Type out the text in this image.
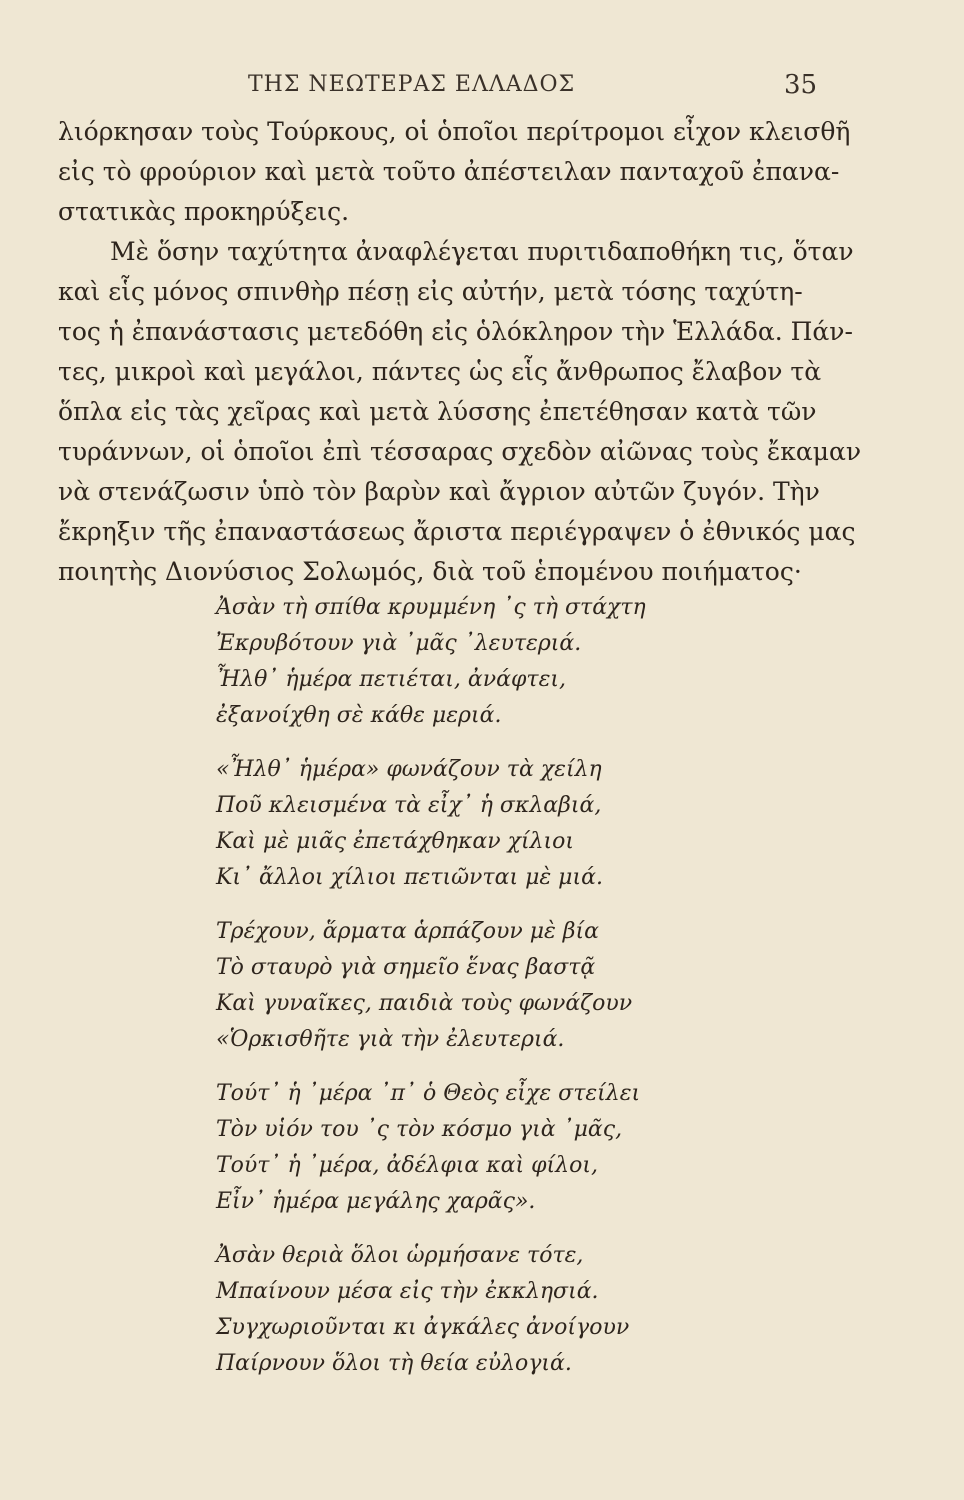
ΤΗΣ ΝΕΩΤΕΡΑΣ ΕΛΛΑΔΟΣ	35
λιόρκησαν τοὺς Τούρκους, οἱ ὁποῖοι περίτρομοι εἶχον κλεισθῆ
εἰς τὸ φρούριον καὶ μετὰ τοῦτο ἀπέστειλαν πανταχοῦ ἐπανα-
στατικὰς προκηρύξεις.
Μὲ ὅσην ταχύτητα ἀναφλέγεται πυριτιδαποθήκη τις, ὅταν
καὶ εἷς μόνος σπινθὴρ πέσῃ εἰς αὐτήν, μετὰ τόσης ταχύτη-
τος ἡ ἐπανάστασις μετεδόθη εἰς ὁλόκληρον τὴν Ἑλλάδα. Πάν-
τες, μικροὶ καὶ μεγάλοι, πάντες ὡς εἷς ἄνθρωπος ἔλαβον τὰ
ὅπλα εἰς τὰς χεῖρας καὶ μετὰ λύσσης ἐπετέθησαν κατὰ τῶν
τυράννων, οἱ ὁποῖοι ἐπὶ τέσσαρας σχεδὸν αἰῶνας τοὺς ἔκαμαν
νὰ στενάζωσιν ὑπὸ τὸν βαρὺν καὶ ἄγριον αὐτῶν ζυγόν. Τὴν
ἔκρηξιν τῆς ἐπαναστάσεως ἄριστα περιέγραψεν ὁ ἐθνικός μας
ποιητὴς Διονύσιος Σολωμός, διὰ τοῦ ἑπομένου ποιήματος·
Ἀσὰν τὴ σπίθα κρυμμένη ᾽ς τὴ στάχτη
Ἐκρυβότουν γιὰ ᾽μᾶς ᾽λευτεριά.
Ἦλθ᾽ ἡμέρα πετιέται, ἀνάφτει,
ἐξανοίχθη σὲ κάθε μεριά.
«Ἦλθ᾽ ἡμέρα» φωνάζουν τὰ χείλη
Ποῦ κλεισμένα τὰ εἶχ᾽ ἡ σκλαβιά,
Καὶ μὲ μιᾶς ἐπετάχθηκαν χίλιοι
Κι᾽ ἄλλοι χίλιοι πετιῶνται μὲ μιά.
Τρέχουν, ἅρματα ἁρπάζουν μὲ βία
Τὸ σταυρὸ γιὰ σημεῖο ἕνας βαστᾷ
Καὶ γυναῖκες, παιδιὰ τοὺς φωνάζουν
«Ὁρκισθῆτε γιὰ τὴν ἐλευτεριά.
Τούτ᾽ ἡ ᾽μέρα ᾽π᾽ ὁ Θεὸς εἶχε στείλει
Τὸν υἱόν του ᾽ς τὸν κόσμο γιὰ ᾽μᾶς,
Τούτ᾽ ἡ ᾽μέρα, ἀδέλφια καὶ φίλοι,
Εἶν᾽ ἡμέρα μεγάλης χαρᾶς».
Ἀσὰν θεριὰ ὅλοι ὡρμήσανε τότε,
Μπαίνουν μέσα εἰς τὴν ἐκκλησιά.
Συγχωριοῦνται κι ἀγκάλες ἀνοίγουν
Παίρνουν ὅλοι τὴ θεία εὐλογιά.
